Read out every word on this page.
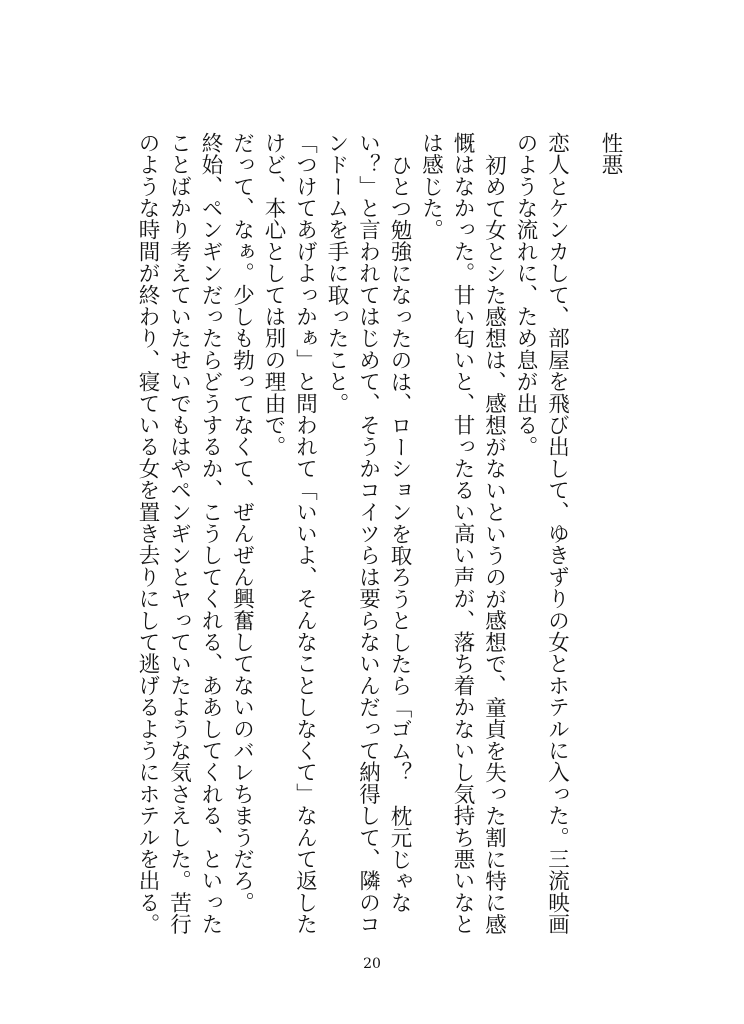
性悪

恋人とケンカして、部屋を飛び出して、ゆきずりの女とホテルに入った。三流映画のような流れに、ため息が出る。

初めて女とシた感想は、感想がないというのが感想で、童貞を失った割に特に感慨はなかった。甘い匂いと、甘ったるい高い声が、落ち着かないし気持ち悪いなとは感じた。

ひとつ勉強になったのは、ローションを取ろうとしたら「ゴム？　枕元じゃない？」と言われてはじめて、そうかコイツらは要らないんだって納得して、隣のコンドームを手に取ったこと。

「つけてあげよっかぁ」と問われて「いいよ、そんなことしなくて」なんて返したけど、本心としては別の理由で。

だって、なぁ。少しも勃ってなくて、ぜんぜん興奮してないのバレちまうだろ。

終始、ペンギンだったらどうするか、こうしてくれる、ああしてくれる、といったことばかり考えていたせいでもはやペンギンとヤっていたような気さえした。苦行のような時間が終わり、寝ている女を置き去りにして逃げるようにホテルを出る。

20
